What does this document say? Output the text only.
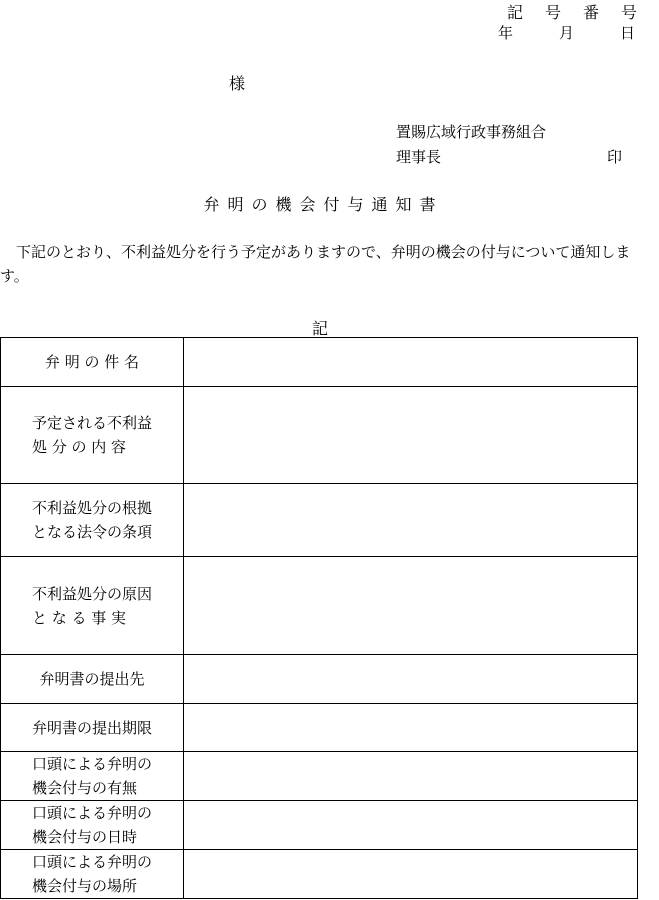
記号番号
年	月	日
様
置賜広域行政事務組合
理事長	印
弁明の機会付与通知書
下記のとおり、不利益処分を行う予定がありますので、弁明の機会の付与について通知します。
記
弁 明 の 件 名	
予定される不利益
処 分 の 内 容	
不利益処分の根拠
となる法令の条項	
不利益処分の原因
と な る 事 実	
弁明書の提出先	
弁明書の提出期限	
口頭による弁明の
機会付与の有無	
口頭による弁明の
機会付与の日時	
口頭による弁明の
機会付与の場所	
